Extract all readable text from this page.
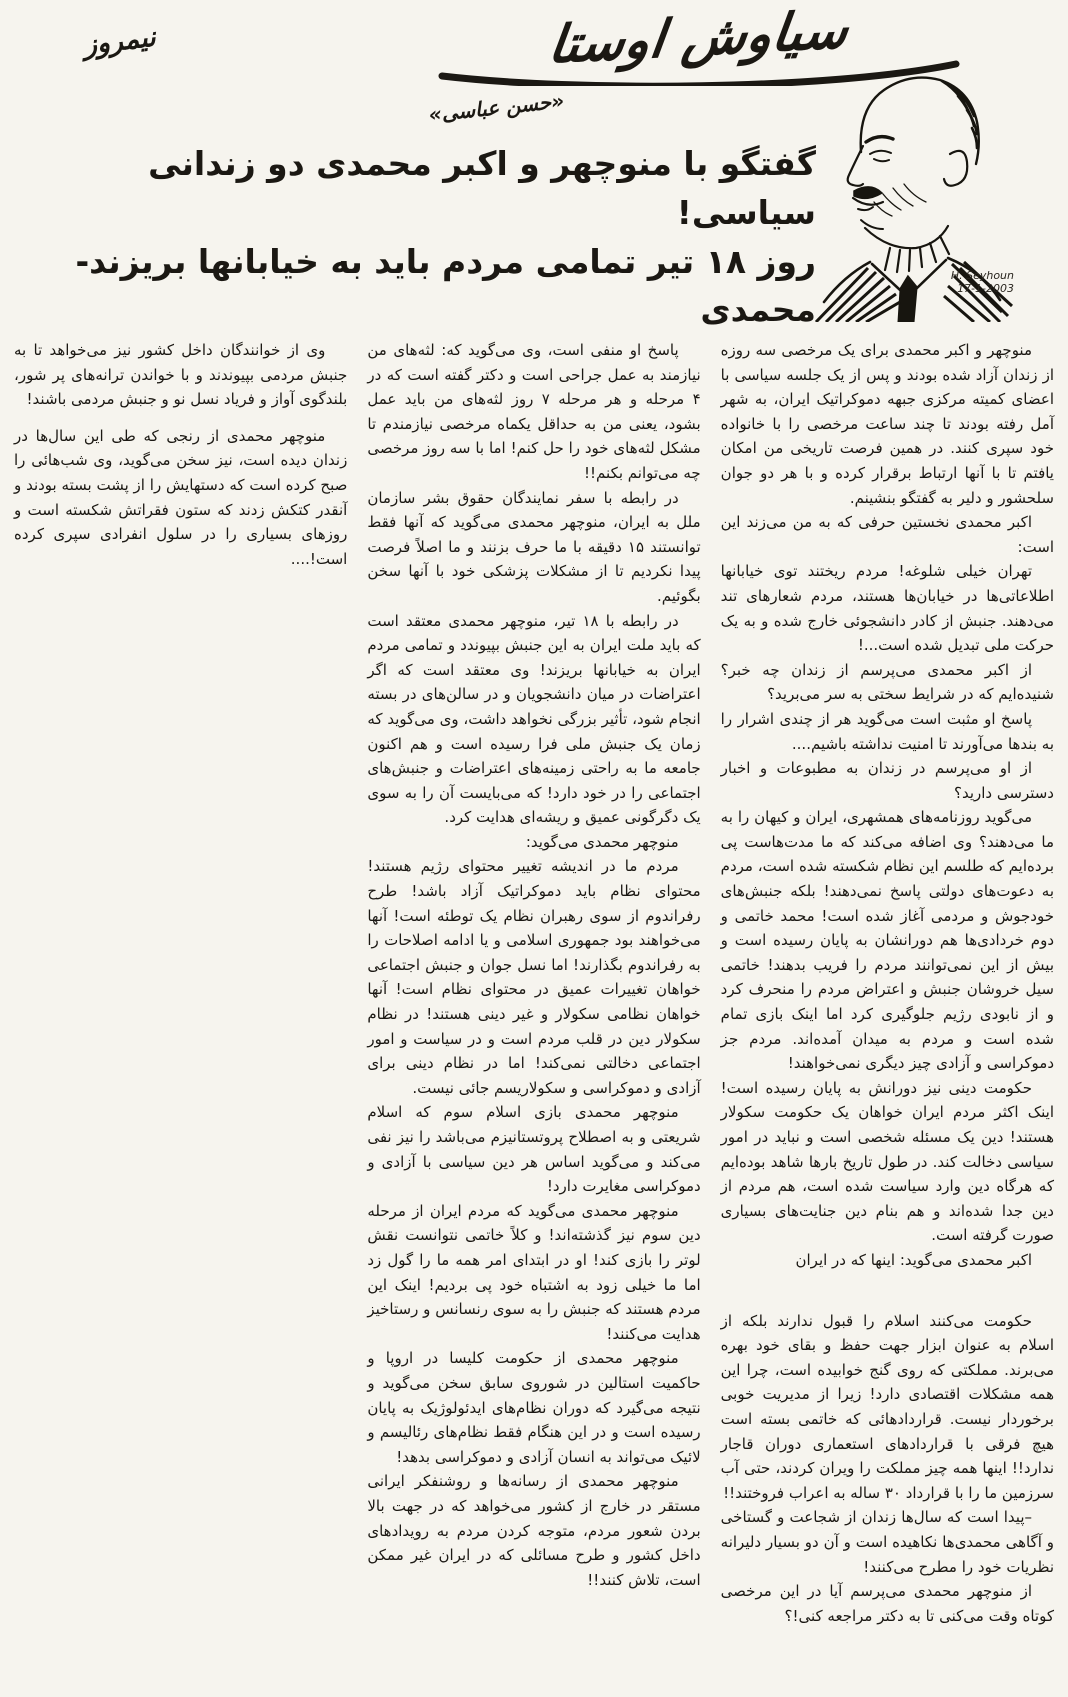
نیمروز	سیاوش اوستا
«حسن عباسی»
H. Seyhoun
17-1-2003
گفتگو با منوچهر و اکبر محمدی دو زندانی سیاسی!
روز ۱۸ تیر تمامی مردم باید به خیابانها بریزند- محمدی

منوچهر و اکبر محمدی برای یک مرخصی سه روزه از زندان آزاد شده بودند و پس از یک جلسه سیاسی با اعضای کمیته مرکزی جبهه دموکراتیک ایران، به شهر آمل رفته بودند تا چند ساعت مرخصی را با خانواده خود سپری کنند. در همین فرصت تاریخی من امکان یافتم تا با آنها ارتباط برقرار کرده و با هر دو جوان سلحشور و دلیر به گفتگو بنشینم.

اکبر محمدی نخستین حرفی که به من می‌زند این است:

تهران خیلی شلوغه! مردم ریختند توی خیابانها اطلاعاتی‌ها در خیابان‌ها هستند، مردم شعارهای تند می‌دهند. جنبش از کادر دانشجوئی خارج شده و به یک حرکت ملی تبدیل شده است...!

از اکبر محمدی می‌پرسم از زندان چه خبر؟ شنیده‌ایم که در شرایط سختی به سر می‌برید؟

پاسخ او مثبت است می‌گوید هر از چندی اشرار را به بندها می‌آورند تا امنیت نداشته باشیم....

از او می‌پرسم در زندان به مطبوعات و اخبار دسترسی دارید؟

می‌گوید روزنامه‌های همشهری، ایران و کیهان را به ما می‌دهند؟ وی اضافه می‌کند که ما مدت‌هاست پی برده‌ایم که طلسم این نظام شکسته شده است، مردم به دعوت‌های دولتی پاسخ نمی‌دهند! بلکه جنبش‌های خودجوش و مردمی آغاز شده است! محمد خاتمی و دوم خردادی‌ها هم دورانشان به پایان رسیده است و بیش از این نمی‌توانند مردم را فریب بدهند! خاتمی سیل خروشان جنبش و اعتراض مردم را منحرف کرد و از نابودی رژیم جلوگیری کرد اما اینک بازی تمام شده است و مردم به میدان آمده‌اند. مردم جز دموکراسی و آزادی چیز دیگری نمی‌خواهند!

حکومت دینی نیز دورانش به پایان رسیده است! اینک اکثر مردم ایران خواهان یک حکومت سکولار هستند! دین یک مسئله شخصی است و نباید در امور سیاسی دخالت کند. در طول تاریخ بارها شاهد بوده‌ایم که هرگاه دین وارد سیاست شده است، هم مردم از دین جدا شده‌اند و هم بنام دین جنایت‌های بسیاری صورت گرفته است.

اکبر محمدی می‌گوید: اینها که در ایران

حکومت می‌کنند اسلام را قبول ندارند بلکه از اسلام به عنوان ابزار جهت حفظ و بقای خود بهره می‌برند. مملکتی که روی گنج خوابیده است، چرا این همه مشکلات اقتصادی دارد! زیرا از مدیریت خوبی برخوردار نیست. قراردادهائی که خاتمی بسته است هیچ فرقی با قراردادهای استعماری دوران قاجار ندارد!! اینها همه چیز مملکت را ویران کردند، حتی آب سرزمین ما را با قرارداد ۳۰ ساله به اعراب فروختند!!

–پیدا است که سال‌ها زندان از شجاعت و گستاخی و آگاهی محمدی‌ها نکاهیده است و آن دو بسیار دلیرانه نظریات خود را مطرح می‌کنند!

از منوچهر محمدی می‌پرسم آیا در این مرخصی کوتاه وقت می‌کنی تا به دکتر مراجعه کنی!؟

پاسخ او منفی است، وی می‌گوید که: لثه‌های من نیازمند به عمل جراحی است و دکتر گفته است که در ۴ مرحله و هر مرحله ۷ روز لثه‌های من باید عمل بشود، یعنی من به حداقل یکماه مرخصی نیازمندم تا مشکل لثه‌های خود را حل کنم! اما با سه روز مرخصی چه می‌توانم بکنم!!

در رابطه با سفر نمایندگان حقوق بشر سازمان ملل به ایران، منوچهر محمدی می‌گوید که آنها فقط توانستند ۱۵ دقیقه با ما حرف بزنند و ما اصلاً فرصت پیدا نکردیم تا از مشکلات پزشکی خود با آنها سخن بگوئیم.

در رابطه با ۱۸ تیر، منوچهر محمدی معتقد است که باید ملت ایران به این جنبش بپیوندد و تمامی مردم ایران به خیابانها بریزند! وی معتقد است که اگر اعتراضات در میان دانشجویان و در سالن‌های در بسته انجام شود، تأثیر بزرگی نخواهد داشت، وی می‌گوید که زمان یک جنبش ملی فرا رسیده است و هم اکنون جامعه ما به راحتی زمینه‌های اعتراضات و جنبش‌های اجتماعی را در خود دارد! که می‌بایست آن را به سوی یک دگرگونی عمیق و ریشه‌ای هدایت کرد.

منوچهر محمدی می‌گوید:

مردم ما در اندیشه تغییر محتوای رژیم هستند! محتوای نظام باید دموکراتیک آزاد باشد! طرح رفراندوم از سوی رهبران نظام یک توطئه است! آنها می‌خواهند بود جمهوری اسلامی و یا ادامه اصلاحات را به رفراندوم بگذارند! اما نسل جوان و جنبش اجتماعی خواهان تغییرات عمیق در محتوای نظام است! آنها خواهان نظامی سکولار و غیر دینی هستند! در نظام سکولار دین در قلب مردم است و در سیاست و امور اجتماعی دخالتی نمی‌کند! اما در نظام دینی برای آزادی و دموکراسی و سکولاریسم جائی نیست.

منوچهر محمدی بازی اسلام سوم که اسلام شریعتی و به اصطلاح پروتستانیزم می‌باشد را نیز نفی می‌کند و می‌گوید اساس هر دین سیاسی با آزادی و دموکراسی مغایرت دارد!

منوچهر محمدی می‌گوید که مردم ایران از مرحله دین سوم نیز گذشته‌اند! و کلاً خاتمی نتوانست نقش لوتر را بازی کند! او در ابتدای امر همه ما را گول زد اما ما خیلی زود به اشتباه خود پی بردیم! اینک این مردم هستند که جنبش را به سوی رنسانس و رستاخیز هدایت می‌کنند!

منوچهر محمدی از حکومت کلیسا در اروپا و حاکمیت استالین در شوروی سابق سخن می‌گوید و نتیجه می‌گیرد که دوران نظام‌های ایدئولوژیک به پایان رسیده است و در این هنگام فقط نظام‌های رئالیسم و لائیک می‌تواند به انسان آزادی و دموکراسی بدهد!

منوچهر محمدی از رسانه‌ها و روشنفکر ایرانی مستقر در خارج از کشور می‌خواهد که در جهت بالا بردن شعور مردم، متوجه کردن مردم به رویدادهای داخل کشور و طرح مسائلی که در ایران غیر ممکن است، تلاش کنند!!

وی از خوانندگان داخل کشور نیز می‌خواهد تا به جنبش مردمی بپیوندند و با خواندن ترانه‌های پر شور، بلندگوی آواز و فریاد نسل نو و جنبش مردمی باشند!

منوچهر محمدی از رنجی که طی این سال‌ها در زندان دیده است، نیز سخن می‌گوید، وی شب‌هائی را صبح کرده است که دستهایش را از پشت بسته بودند و آنقدر کتکش زدند که ستون فقراتش شکسته است و روزهای بسیاری را در سلول انفرادی سپری کرده است!....
